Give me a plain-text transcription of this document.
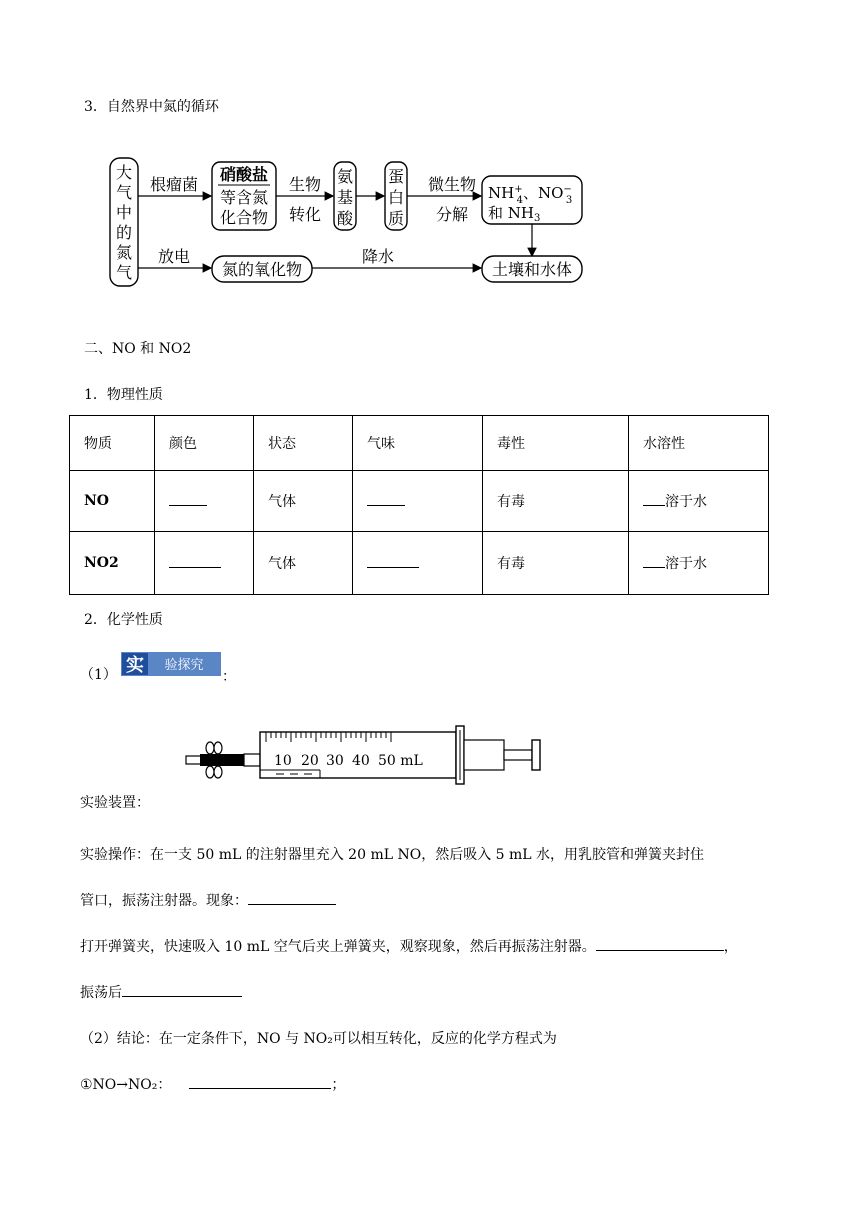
3．自然界中氮的循环
大
气
中
的
氮
气
根瘤菌
硝酸盐
等含氮
化合物
生物
转化
氨
基
酸
蛋
白
质
微生物
分解
NH+ 4、NO− 3
和 $NH_3$
放电
氮的氧化物
降水
土壤和水体
二、NO 和 NO2
1．物理性质
物质	颜色	状态	气味	毒性	水溶性
NO		气体		有毒	溶于水
NO2		气体		有毒	溶于水
2．化学性质
（1） 实 验探究
：
10 20 30 40 50 mL
实验装置：
实验操作：在一支 50 mL 的注射器里充入 20 mL NO，然后吸入 5 mL 水，用乳胶管和弹簧夹封住
管口，振荡注射器。现象：
打开弹簧夹，快速吸入 10 mL 空气后夹上弹簧夹，观察现象，然后再振荡注射器。	，
振荡后
（2）结论：在一定条件下，NO 与 NO₂可以相互转化，反应的化学方程式为
①NO→NO₂：	；
